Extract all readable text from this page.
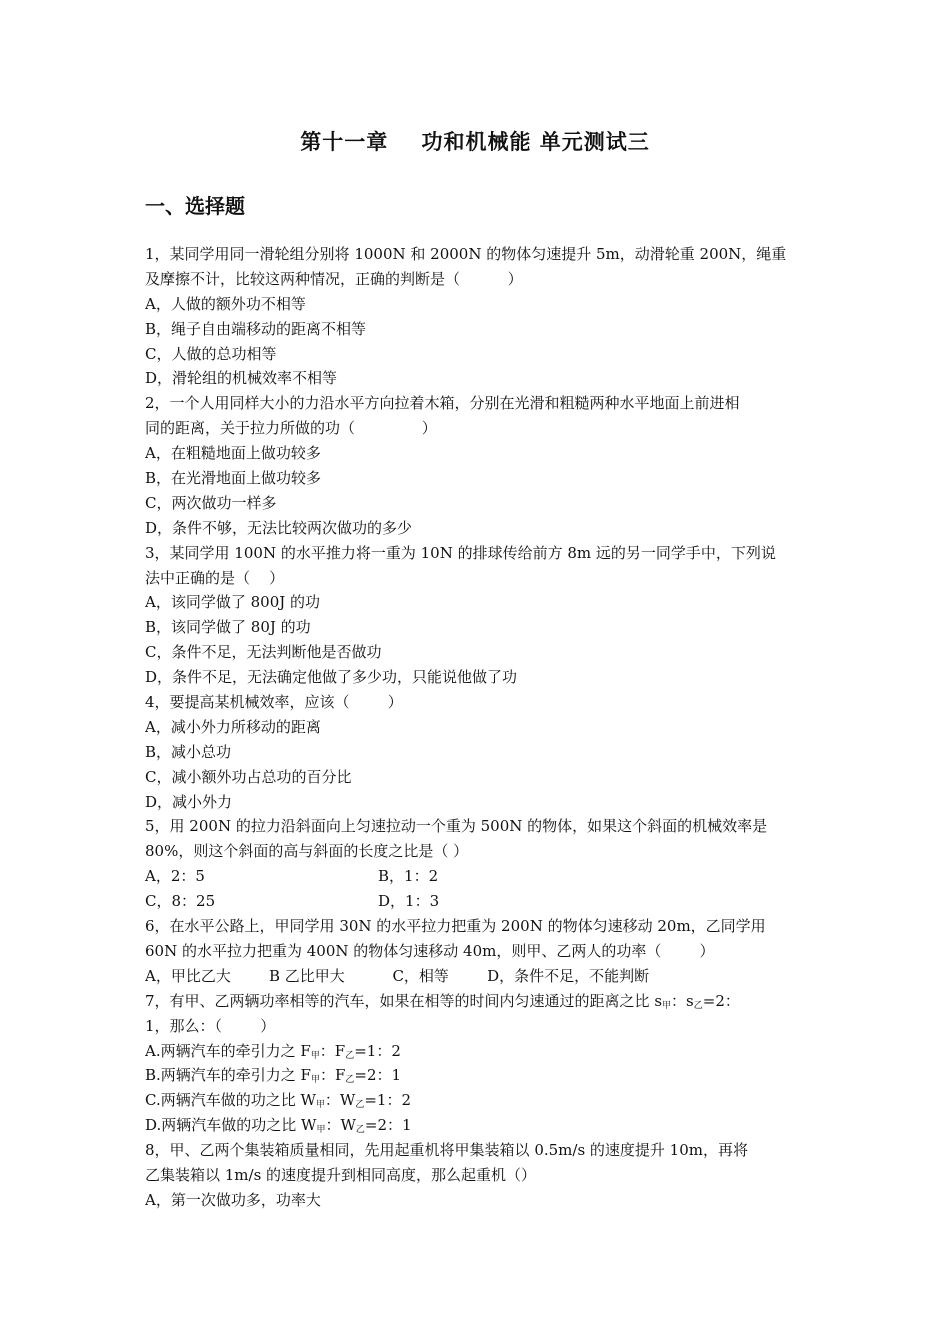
第十一章    功和机械能 单元测试三
一、选择题
1，某同学用同一滑轮组分别将 1000N 和 2000N 的物体匀速提升 5m，动滑轮重 200N，绳重
及摩擦不计，比较这两种情况，正确的判断是（          ）
A，人做的额外功不相等
B，绳子自由端移动的距离不相等
C，人做的总功相等
D，滑轮组的机械效率不相等
2，一个人用同样大小的力沿水平方向拉着木箱，分别在光滑和粗糙两种水平地面上前进相
同的距离，关于拉力所做的功（              ）
A，在粗糙地面上做功较多
B，在光滑地面上做功较多
C，两次做功一样多
D，条件不够，无法比较两次做功的多少
3，某同学用 100N 的水平推力将一重为 10N 的排球传给前方 8m 远的另一同学手中，下列说
法中正确的是（    ）
A，该同学做了 800J 的功
B，该同学做了 80J 的功
C，条件不足，无法判断他是否做功
D，条件不足，无法确定他做了多少功，只能说他做了功
4，要提高某机械效率，应该（        ）
A，减小外力所移动的距离
B，减小总功
C，减小额外功占总功的百分比
D，减小外力
5，用 200N 的拉力沿斜面向上匀速拉动一个重为 500N 的物体，如果这个斜面的机械效率是
80%，则这个斜面的高与斜面的长度之比是（ ）
A，2：5	B，1：2
C，8：25	D，1：3
6，在水平公路上，甲同学用 30N 的水平拉力把重为 200N 的物体匀速移动 20m，乙同学用
60N 的水平拉力把重为 400N 的物体匀速移动 40m，则甲、乙两人的功率（        ）
A，甲比乙大        B 乙比甲大          C，相等        D，条件不足，不能判断
7，有甲、乙两辆功率相等的汽车，如果在相等的时间内匀速通过的距离之比 s甲：s乙=2：
1，那么：（        ）
A.两辆汽车的牵引力之 F甲：F乙=1：2
B.两辆汽车的牵引力之 F甲：F乙=2：1
C.两辆汽车做的功之比 W甲：W乙=1：2
D.两辆汽车做的功之比 W甲：W乙=2：1
8，甲、乙两个集装箱质量相同，先用起重机将甲集装箱以 0.5m/s 的速度提升 10m，再将
乙集装箱以 1m/s 的速度提升到相同高度，那么起重机（）
A，第一次做功多，功率大
